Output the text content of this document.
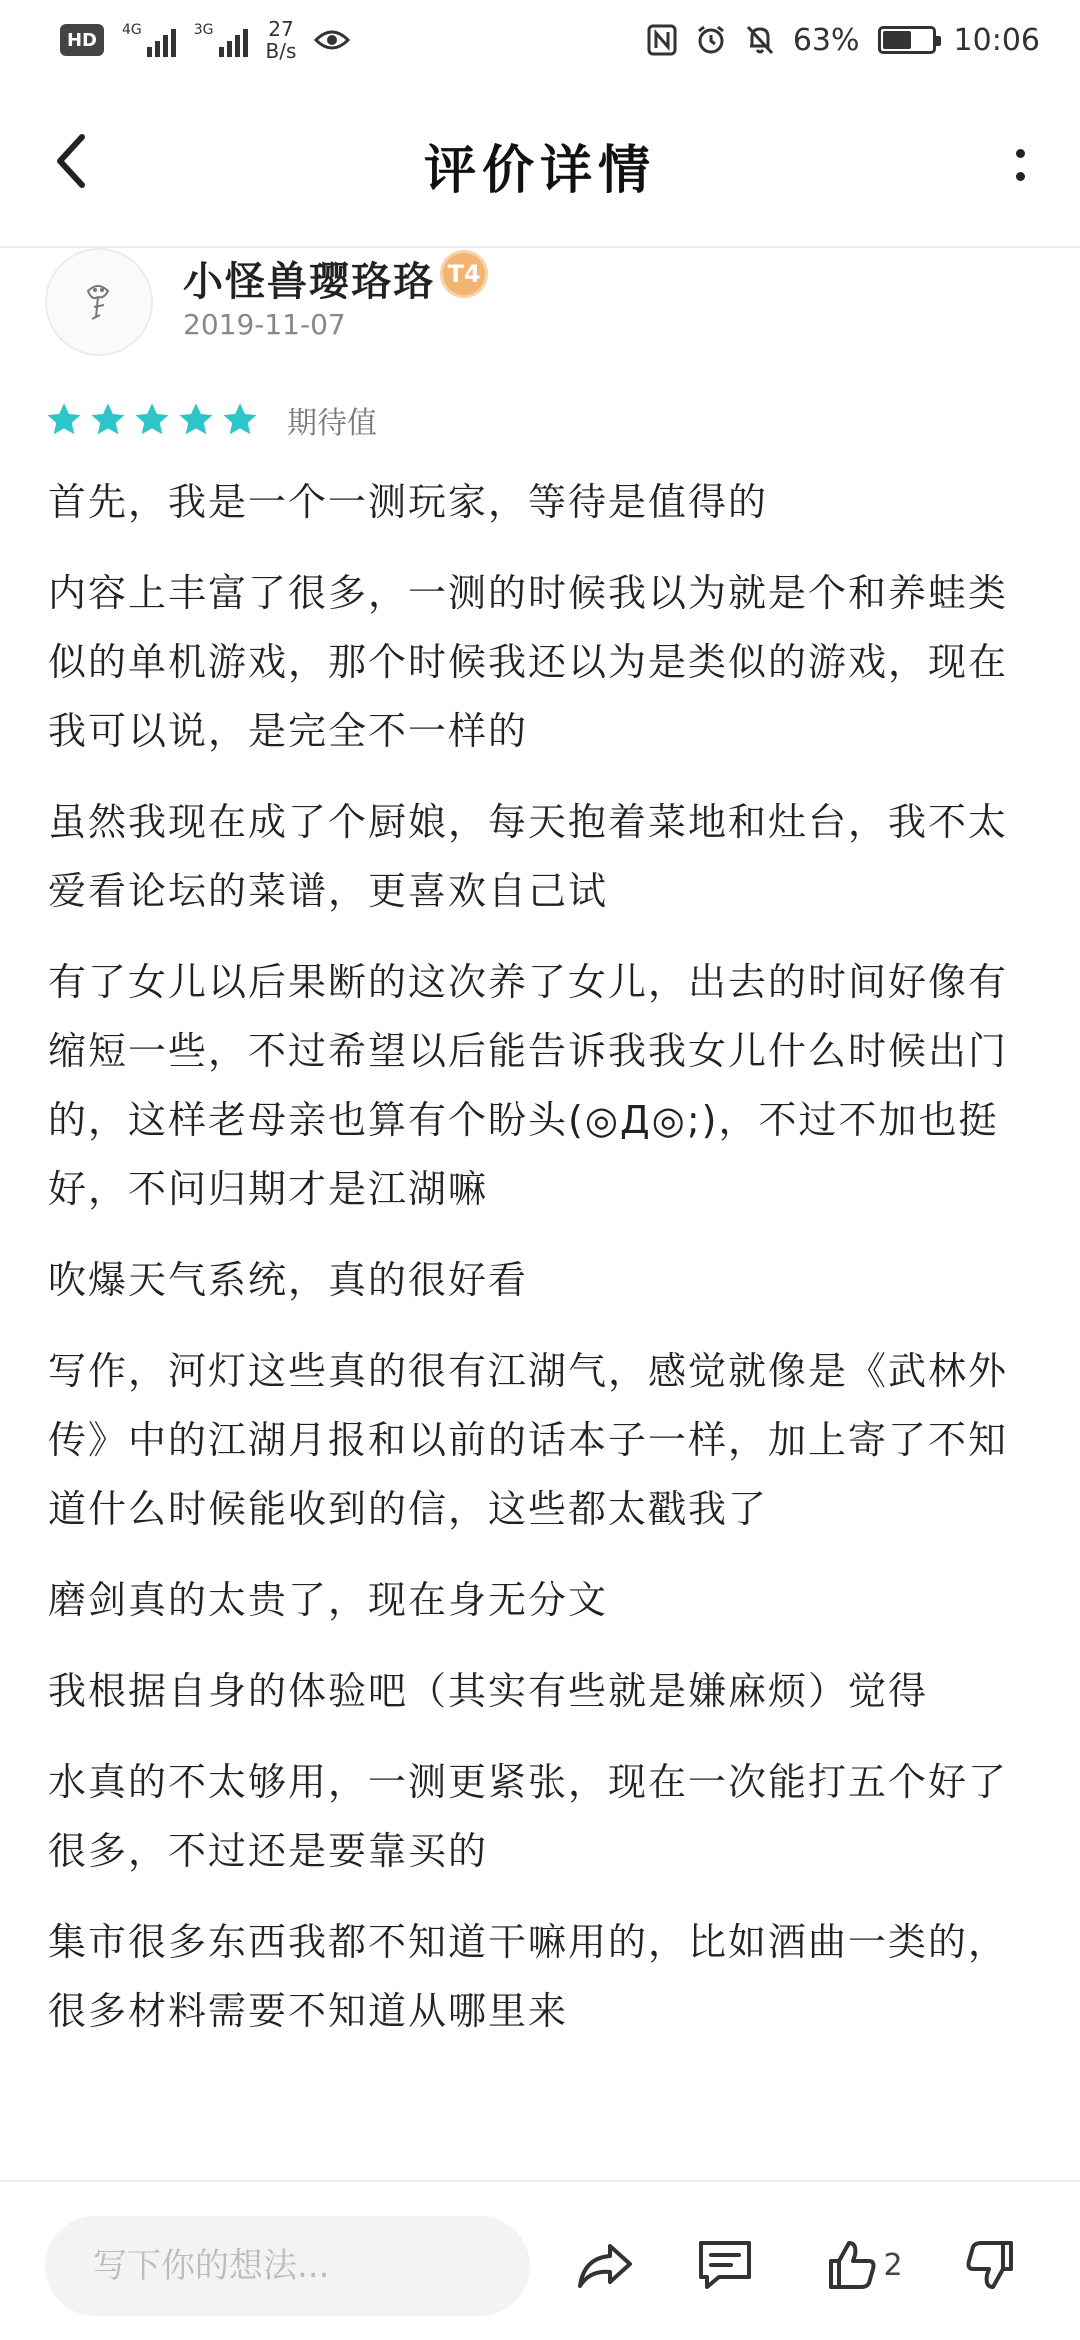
HD	4G	3G	27
B/s	63%	10:06
评价详情
小怪兽璎珞珞 T4
2019-11-07
期待值

首先，我是一个一测玩家，等待是值得的

内容上丰富了很多，一测的时候我以为就是个和养蛙类似的单机游戏，那个时候我还以为是类似的游戏，现在我可以说，是完全不一样的

虽然我现在成了个厨娘，每天抱着菜地和灶台，我不太爱看论坛的菜谱，更喜欢自己试

有了女儿以后果断的这次养了女儿，出去的时间好像有缩短一些，不过希望以后能告诉我我女儿什么时候出门的，这样老母亲也算有个盼头(◎Д◎;)，不过不加也挺好，不问归期才是江湖嘛

吹爆天气系统，真的很好看

写作，河灯这些真的很有江湖气，感觉就像是《武林外传》中的江湖月报和以前的话本子一样，加上寄了不知道什么时候能收到的信，这些都太戳我了

磨剑真的太贵了，现在身无分文

我根据自身的体验吧（其实有些就是嫌麻烦）觉得

水真的不太够用，一测更紧张，现在一次能打五个好了很多，不过还是要靠买的

集市很多东西我都不知道干嘛用的，比如酒曲一类的，很多材料需要不知道从哪里来

写下你的想法...
2
